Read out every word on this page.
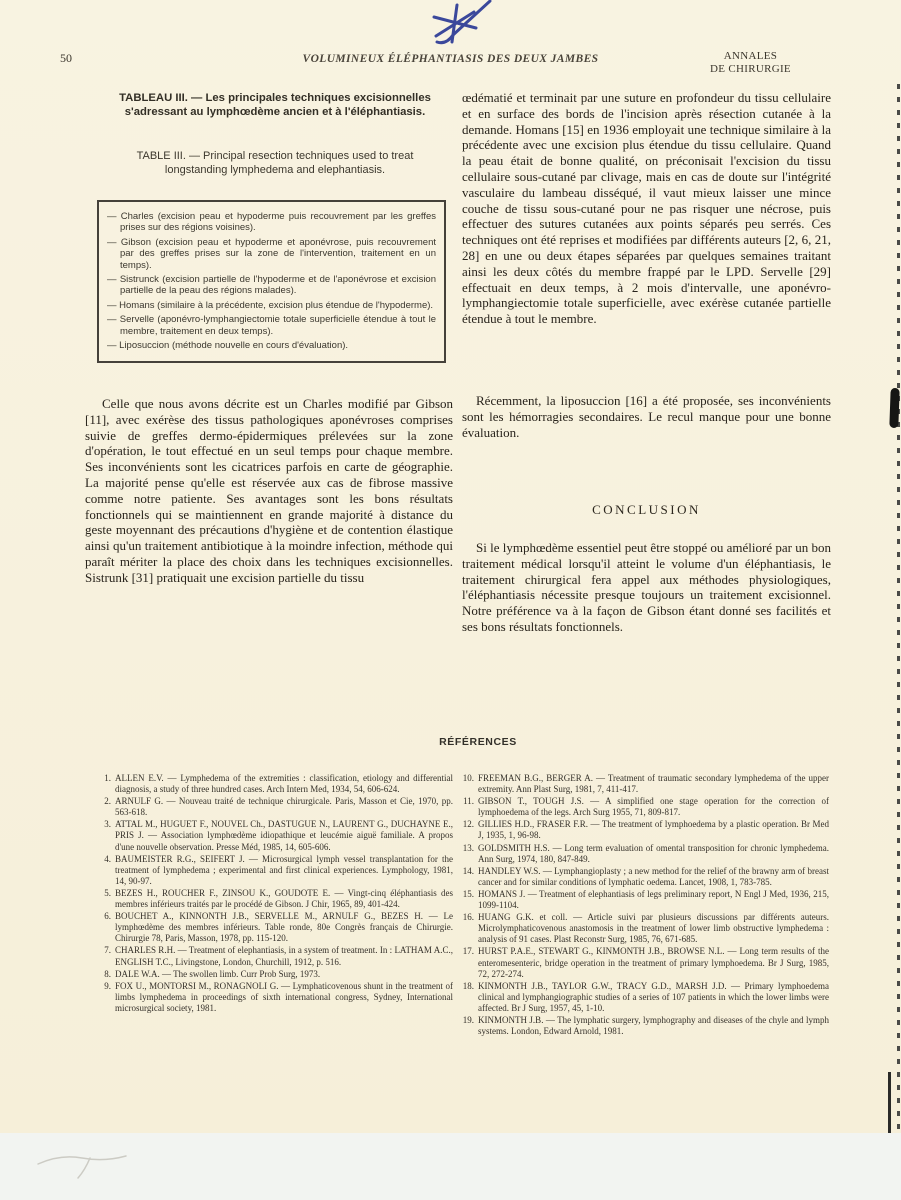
50	VOLUMINEUX ÉLÉPHANTIASIS DES DEUX JAMBES	ANNALES
DE CHIRURGIE
TABLEAU III. — Les principales techniques excisionnelles s'adressant au lymphœdème ancien et à l'éléphantiasis.
TABLE III. — Principal resection techniques used to treat longstanding lymphedema and elephantiasis.
— Charles (excision peau et hypoderme puis recouvrement par les greffes prises sur des régions voisines).
— Gibson (excision peau et hypoderme et aponévrose, puis recouvrement par des greffes prises sur la zone de l'intervention, traitement en un temps).
— Sistrunck (excision partielle de l'hypoderme et de l'aponévrose et excision partielle de la peau des régions malades).
— Homans (similaire à la précédente, excision plus étendue de l'hypoderme).
— Servelle (aponévro-lymphangiectomie totale superficielle étendue à tout le membre, traitement en deux temps).
— Liposuccion (méthode nouvelle en cours d'évaluation).
Celle que nous avons décrite est un Charles modifié par Gibson [11], avec exérèse des tissus pathologiques aponévroses comprises suivie de greffes dermo-épidermiques prélevées sur la zone d'opération, le tout effectué en un seul temps pour chaque membre. Ses inconvénients sont les cicatrices parfois en carte de géographie. La majorité pense qu'elle est réservée aux cas de fibrose massive comme notre patiente. Ses avantages sont les bons résultats fonctionnels qui se maintiennent en grande majorité à distance du geste moyennant des précautions d'hygiène et de contention élastique ainsi qu'un traitement antibiotique à la moindre infection, méthode qui paraît mériter la place des choix dans les techniques excisionnelles. Sistrunk [31] pratiquait une excision partielle du tissu
œdématié et terminait par une suture en profondeur du tissu cellulaire et en surface des bords de l'incision après résection cutanée à la demande. Homans [15] en 1936 employait une technique similaire à la précédente avec une excision plus étendue du tissu cellulaire. Quand la peau était de bonne qualité, on préconisait l'excision du tissu cellulaire sous-cutané par clivage, mais en cas de doute sur l'intégrité vasculaire du lambeau disséqué, il vaut mieux laisser une mince couche de tissu sous-cutané pour ne pas risquer une nécrose, puis effectuer des sutures cutanées aux points séparés peu serrés. Ces techniques ont été reprises et modifiées par différents auteurs [2, 6, 21, 28] en une ou deux étapes séparées par quelques semaines traitant ainsi les deux côtés du membre frappé par le LPD. Servelle [29] effectuait en deux temps, à 2 mois d'intervalle, une aponévro-lymphangiectomie totale superficielle, avec exérèse cutanée partielle étendue à tout le membre.
Récemment, la liposuccion [16] a été proposée, ses inconvénients sont les hémorragies secondaires. Le recul manque pour une bonne évaluation.
CONCLUSION
Si le lymphœdème essentiel peut être stoppé ou amélioré par un bon traitement médical lorsqu'il atteint le volume d'un éléphantiasis, le traitement chirurgical fera appel aux méthodes physiologiques, l'éléphantiasis nécessite presque toujours un traitement excisionnel. Notre préférence va à la façon de Gibson étant donné ses facilités et ses bons résultats fonctionnels.
RÉFÉRENCES
1. ALLEN E.V. — Lymphedema of the extremities : classification, etiology and differential diagnosis, a study of three hundred cases. Arch Intern Med, 1934, 54, 606-624.
2. ARNULF G. — Nouveau traité de technique chirurgicale. Paris, Masson et Cie, 1970, pp. 563-618.
3. ATTAL M., HUGUET F., NOUVEL Ch., DASTUGUE N., LAURENT G., DUCHAYNE E., PRIS J. — Association lymphœdème idiopathique et leucémie aiguë familiale. A propos d'une nouvelle observation. Presse Méd, 1985, 14, 605-606.
4. BAUMEISTER R.G., SEIFERT J. — Microsurgical lymph vessel transplantation for the treatment of lymphedema ; experimental and first clinical experiences. Lymphology, 1981, 14, 90-97.
5. BEZES H., ROUCHER F., ZINSOU K., GOUDOTE E. — Vingt-cinq éléphantiasis des membres inférieurs traités par le procédé de Gibson. J Chir, 1965, 89, 401-424.
6. BOUCHET A., KINNONTH J.B., SERVELLE M., ARNULF G., BEZES H. — Le lymphœdème des membres inférieurs. Table ronde, 80e Congrès français de Chirurgie. Chirurgie 78, Paris, Masson, 1978, pp. 115-120.
7. CHARLES R.H. — Treatment of elephantiasis, in a system of treatment. In : LATHAM A.C., ENGLISH T.C., Livingstone, London, Churchill, 1912, p. 516.
8. DALE W.A. — The swollen limb. Curr Prob Surg, 1973.
9. FOX U., MONTORSI M., RONAGNOLI G. — Lymphaticovenous shunt in the treatment of limbs lymphedema in proceedings of sixth international congress, Sydney, International microsurgical society, 1981.
10. FREEMAN B.G., BERGER A. — Treatment of traumatic secondary lymphedema of the upper extremity. Ann Plast Surg, 1981, 7, 411-417.
11. GIBSON T., TOUGH J.S. — A simplified one stage operation for the correction of lymphoedema of the legs. Arch Surg 1955, 71, 809-817.
12. GILLIES H.D., FRASER F.R. — The treatment of lymphoedema by a plastic operation. Br Med J, 1935, 1, 96-98.
13. GOLDSMITH H.S. — Long term evaluation of omental transposition for chronic lymphedema. Ann Surg, 1974, 180, 847-849.
14. HANDLEY W.S. — Lymphangioplasty ; a new method for the relief of the brawny arm of breast cancer and for similar conditions of lymphatic oedema. Lancet, 1908, 1, 783-785.
15. HOMANS J. — Treatment of elephantiasis of legs preliminary report, N Engl J Med, 1936, 215, 1099-1104.
16. HUANG G.K. et coll. — Article suivi par plusieurs discussions par différents auteurs. Microlymphaticovenous anastomosis in the treatment of lower limb obstructive lymphedema : analysis of 91 cases. Plast Reconstr Surg, 1985, 76, 671-685.
17. HURST P.A.E., STEWART G., KINMONTH J.B., BROWSE N.L. — Long term results of the enteromesenteric, bridge operation in the treatment of primary lymphoedema. Br J Surg, 1985, 72, 272-274.
18. KINMONTH J.B., TAYLOR G.W., TRACY G.D., MARSH J.D. — Primary lymphoedema clinical and lymphangiographic studies of a series of 107 patients in which the lower limbs were affected. Br J Surg, 1957, 45, 1-10.
19. KINMONTH J.B. — The lymphatic surgery, lymphography and diseases of the chyle and lymph systems. London, Edward Arnold, 1981.
